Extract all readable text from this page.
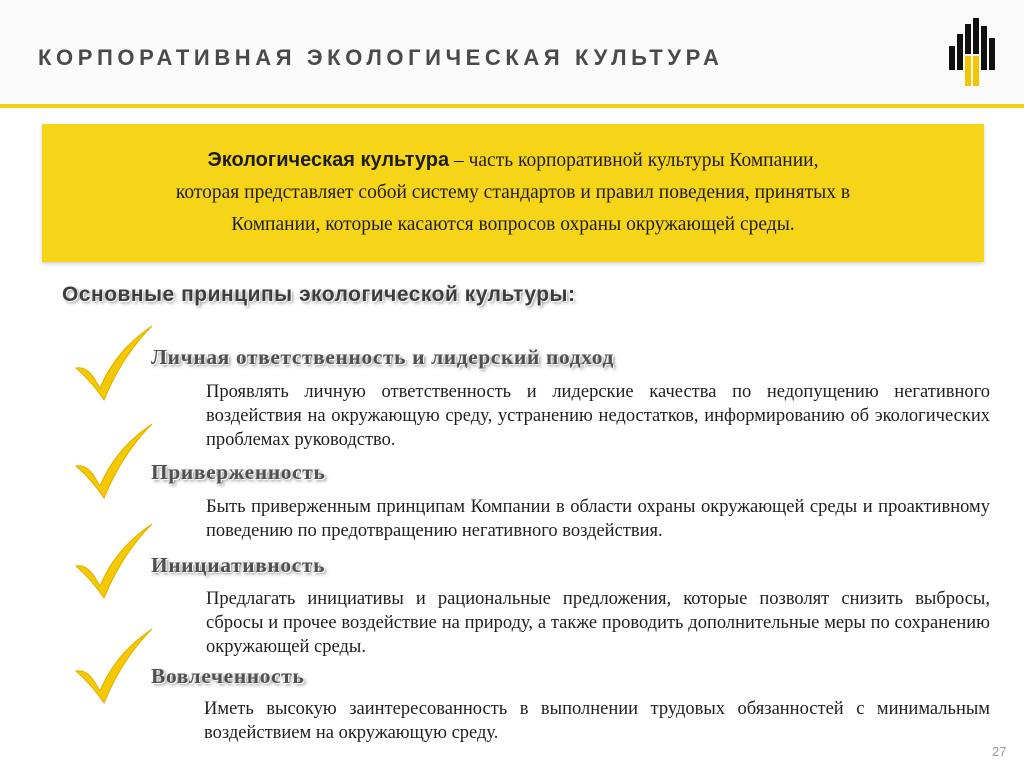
КОРПОРАТИВНАЯ ЭКОЛОГИЧЕСКАЯ КУЛЬТУРА
Экологическая культура – часть корпоративной культуры Компании,
которая представляет собой систему стандартов и правил поведения, принятых в
Компании, которые касаются вопросов охраны окружающей среды.
Основные принципы экологической культуры:
Личная ответственность и лидерский подход
Проявлять личную ответственность и лидерские качества по недопущению негативного воздействия на окружающую среду, устранению недостатков, информированию об экологических проблемах руководство.
Приверженность
Быть приверженным принципам Компании в области охраны окружающей среды и проактивному поведению по предотвращению негативного воздействия.
Инициативность
Предлагать инициативы и рациональные предложения, которые позволят снизить выбросы, сбросы и прочее воздействие на природу, а также проводить дополнительные меры по сохранению окружающей среды.
Вовлеченность
Иметь высокую заинтересованность в выполнении трудовых обязанностей с минимальным воздействием на окружающую среду.
27
